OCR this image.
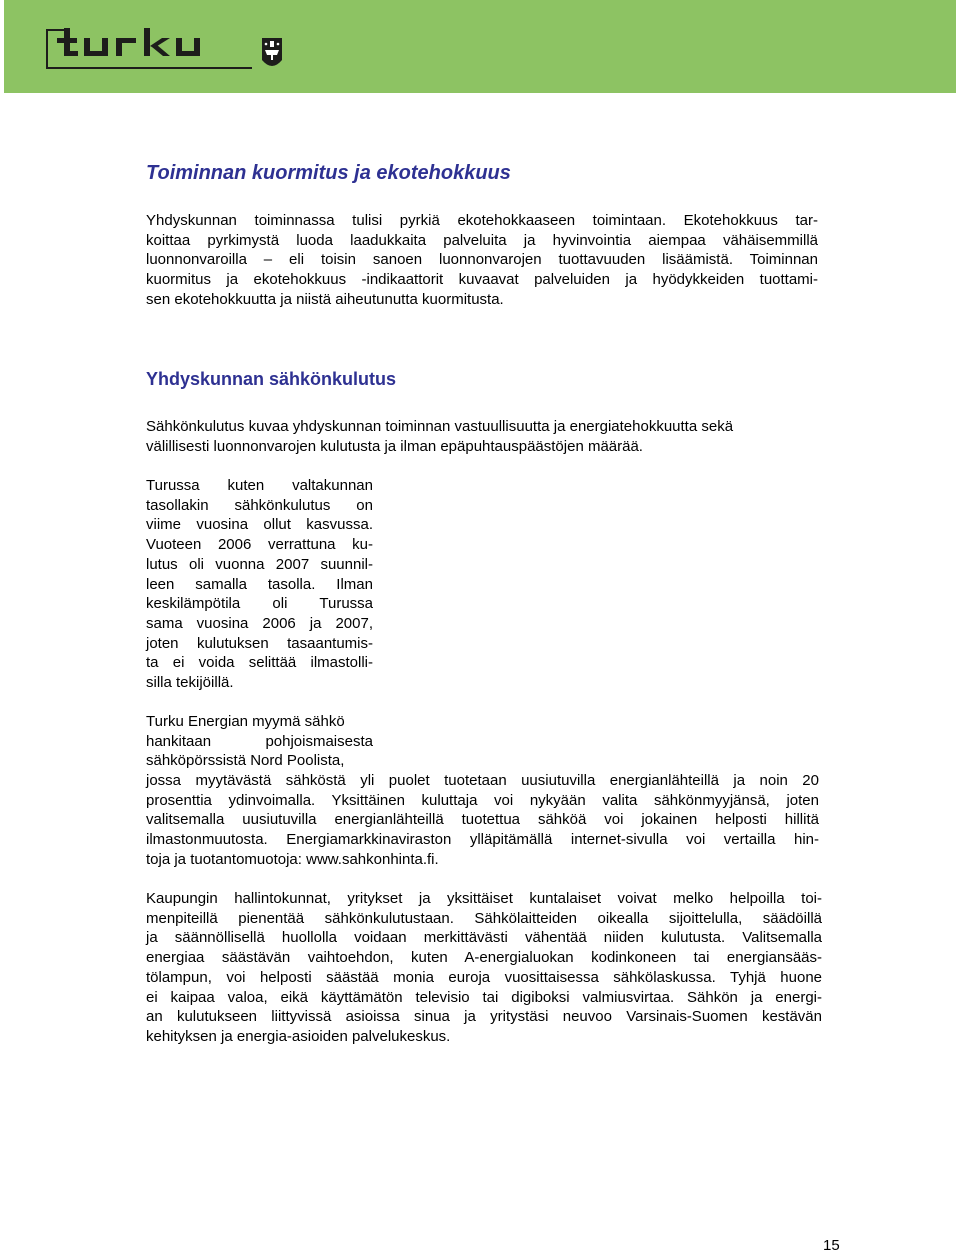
Toiminnan kuormitus ja ekotehokkuus
Yhdyskunnan toiminnassa tulisi pyrkiä ekotehokkaaseen toimintaan. Ekotehokkuus tar-
koittaa pyrkimystä luoda laadukkaita palveluita ja hyvinvointia aiempaa vähäisemmillä
luonnonvaroilla – eli toisin sanoen luonnonvarojen tuottavuuden lisäämistä. Toiminnan
kuormitus ja ekotehokkuus -indikaattorit kuvaavat palveluiden ja hyödykkeiden tuottami-
sen ekotehokkuutta ja niistä aiheutunutta kuormitusta.
Yhdyskunnan sähkönkulutus
Sähkönkulutus kuvaa yhdyskunnan toiminnan vastuullisuutta ja energiatehokkuutta sekä
välillisesti luonnonvarojen kulutusta ja ilman epäpuhtauspäästöjen määrää.
Turussa kuten valtakunnan
tasollakin sähkönkulutus on
viime vuosina ollut kasvussa.
Vuoteen 2006 verrattuna ku-
lutus oli vuonna 2007 suunnil-
leen samalla tasolla. Ilman
keskilämpötila oli Turussa
sama vuosina 2006 ja 2007,
joten kulutuksen tasaantumis-
ta ei voida selittää ilmastolli-
silla tekijöillä.
Turku Energian myymä sähkö
hankitaan pohjoismaisesta
sähköpörssistä Nord Poolista,
jossa myytävästä sähköstä yli puolet tuotetaan uusiutuvilla energianlähteillä ja noin 20
prosenttia ydinvoimalla. Yksittäinen kuluttaja voi nykyään valita sähkönmyyjänsä, joten
valitsemalla uusiutuvilla energianlähteillä tuotettua sähköä voi jokainen helposti hillitä
ilmastonmuutosta. Energiamarkkinaviraston ylläpitämällä internet-sivulla voi vertailla hin-
toja ja tuotantomuotoja: www.sahkonhinta.fi.
Kaupungin hallintokunnat, yritykset ja yksittäiset kuntalaiset voivat melko helpoilla toi-
menpiteillä pienentää sähkönkulutustaan. Sähkölaitteiden oikealla sijoittelulla, säädöillä
ja säännöllisellä huollolla voidaan merkittävästi vähentää niiden kulutusta. Valitsemalla
energiaa säästävän vaihtoehdon, kuten A-energialuokan kodinkoneen tai energiansääs-
tölampun, voi helposti säästää monia euroja vuosittaisessa sähkölaskussa. Tyhjä huone
ei kaipaa valoa, eikä käyttämätön televisio tai digiboksi valmiusvirtaa. Sähkön ja energi-
an kulutukseen liittyvissä asioissa sinua ja yritystäsi neuvoo Varsinais-Suomen kestävän
kehityksen ja energia-asioiden palvelukeskus.
15
